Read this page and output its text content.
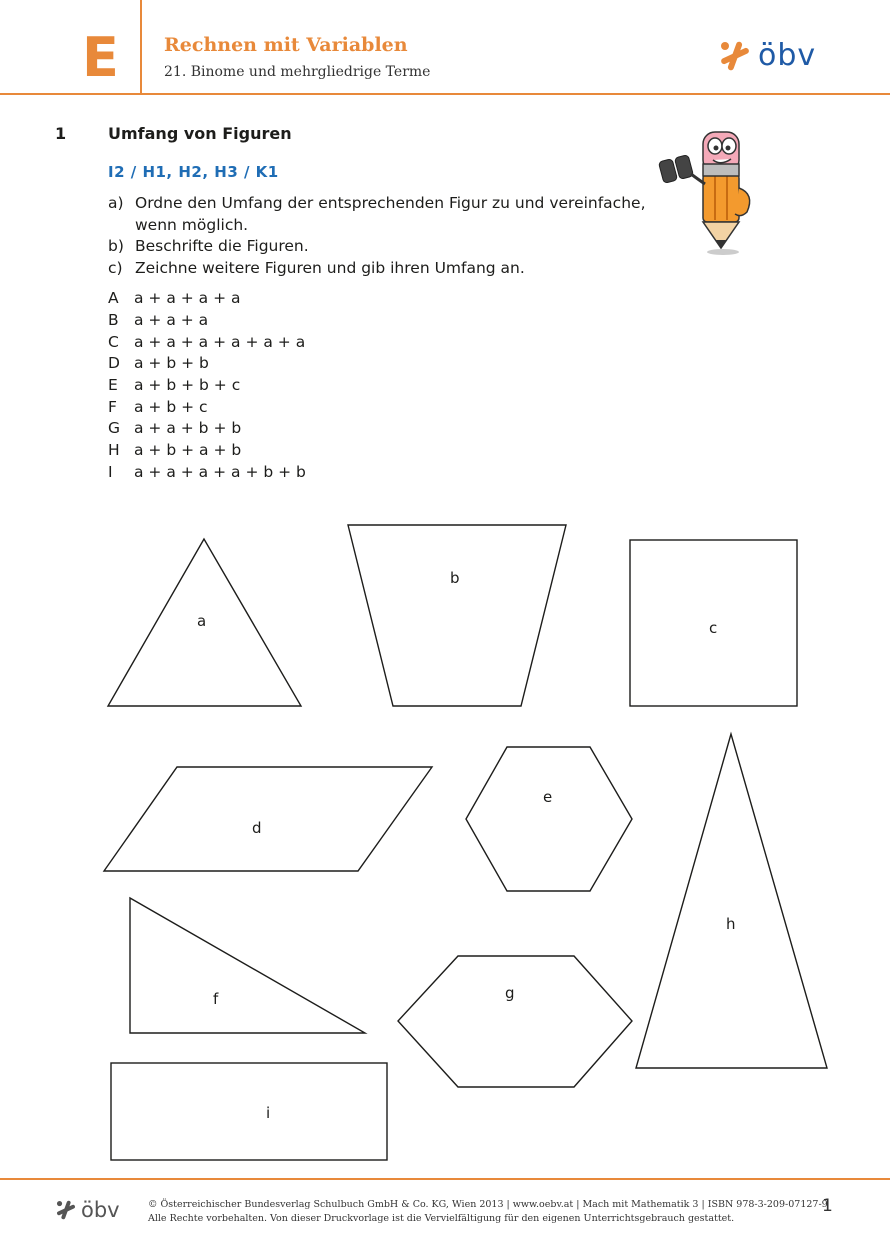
E Rechnen mit Variablen
21. Binome und mehrgliedrige Terme	öbv
1	Umfang von Figuren
I2 / H1, H2, H3 / K1
a) Ordne den Umfang der entsprechenden Figur zu und vereinfache,
wenn möglich.
b) Beschrifte die Figuren.
c) Zeichne weitere Figuren und gib ihren Umfang an.
A a + a + a + a
B a + a + a
C a + a + a + a + a + a
D a + b + b
E a + b + b + c
F a + b + c
G a + a + b + b
H a + b + a + b
I a + a + a + a + b + b
a
b
c
d
e
f	g
h
i
öbv	© Österreichischer Bundesverlag Schulbuch GmbH & Co. KG, Wien 2013 | www.oebv.at | Mach mit Mathematik 3 | ISBN 978-3-209-07127-9
Alle Rechte vorbehalten. Von dieser Druckvorlage ist die Vervielfältigung für den eigenen Unterrichtsgebrauch gestattet.
1
